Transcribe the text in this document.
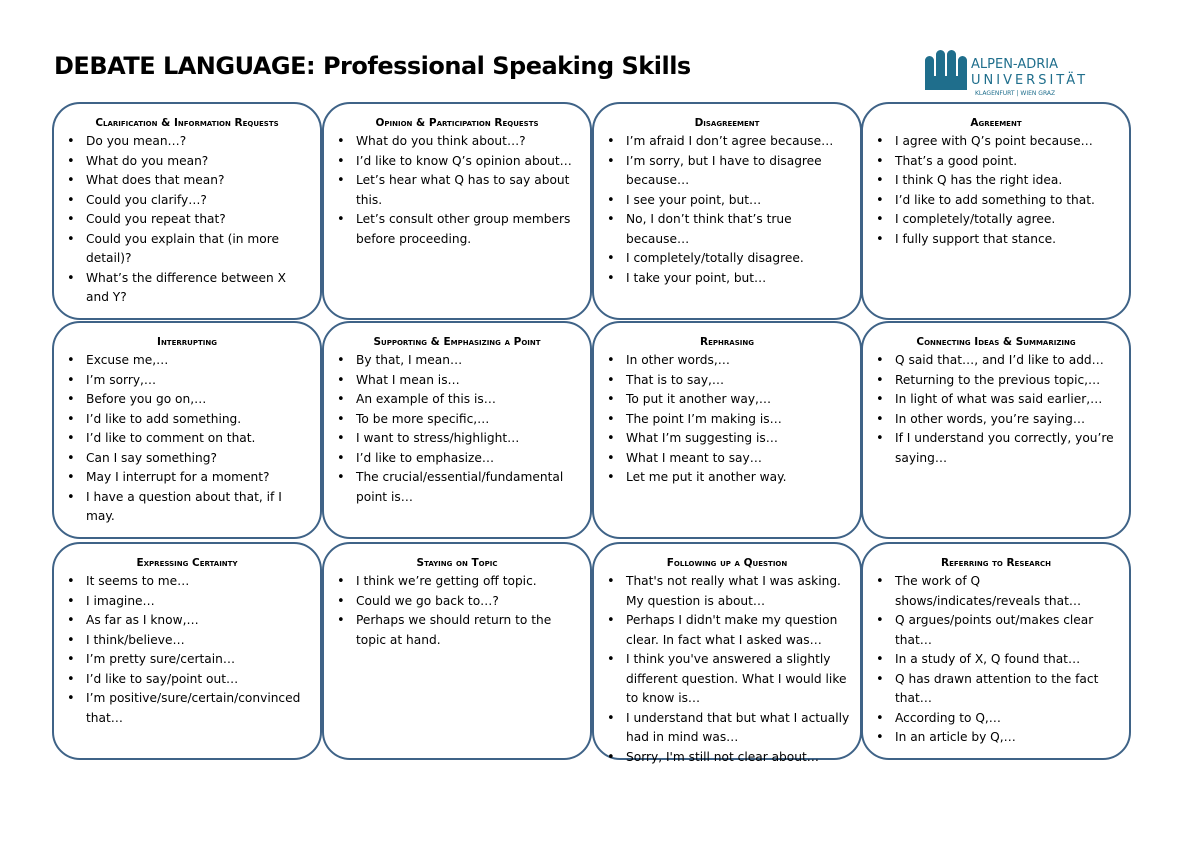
DEBATE LANGUAGE: Professional Speaking Skills	ALPEN-ADRIA
UNIVERSITÄT
KLAGENFURT | WIEN GRAZ
Clarification & Information Requests
• Do you mean…?
• What do you mean?
• What does that mean?
• Could you clarify…?
• Could you repeat that?
• Could you explain that (in more detail)?
• What’s the difference between X and Y?
Opinion & Participation Requests
• What do you think about…?
• I’d like to know Q’s opinion about…
• Let’s hear what Q has to say about this.
• Let’s consult other group members before proceeding.
Disagreement
• I’m afraid I don’t agree because…
• I’m sorry, but I have to disagree because…
• I see your point, but…
• No, I don’t think that’s true because…
• I completely/totally disagree.
• I take your point, but…
Agreement
• I agree with Q’s point because…
• That’s a good point.
• I think Q has the right idea.
• I’d like to add something to that.
• I completely/totally agree.
• I fully support that stance.
Interrupting
• Excuse me,…
• I’m sorry,…
• Before you go on,…
• I’d like to add something.
• I’d like to comment on that.
• Can I say something?
• May I interrupt for a moment?
• I have a question about that, if I may.
Supporting & Emphasizing a Point
• By that, I mean…
• What I mean is…
• An example of this is…
• To be more specific,…
• I want to stress/highlight…
• I’d like to emphasize…
• The crucial/essential/fundamental point is…
Rephrasing
• In other words,…
• That is to say,…
• To put it another way,…
• The point I’m making is…
• What I’m suggesting is…
• What I meant to say…
• Let me put it another way.
Connecting Ideas & Summarizing
• Q said that…, and I’d like to add…
• Returning to the previous topic,…
• In light of what was said earlier,…
• In other words, you’re saying…
• If I understand you correctly, you’re saying…
Expressing Certainty
• It seems to me…
• I imagine…
• As far as I know,…
• I think/believe…
• I’m pretty sure/certain…
• I’d like to say/point out…
• I’m positive/sure/certain/convinced that…
Staying on Topic
• I think we’re getting off topic.
• Could we go back to…?
• Perhaps we should return to the topic at hand.
Following up a Question
• That's not really what I was asking. My question is about…
• Perhaps I didn't make my question clear. In fact what I asked was…
• I think you've answered a slightly different question. What I would like to know is…
• I understand that but what I actually had in mind was…
• Sorry, I'm still not clear about…
Referring to Research
• The work of Q shows/indicates/reveals that…
• Q argues/points out/makes clear that…
• In a study of X, Q found that…
• Q has drawn attention to the fact that…
• According to Q,…
• In an article by Q,…
